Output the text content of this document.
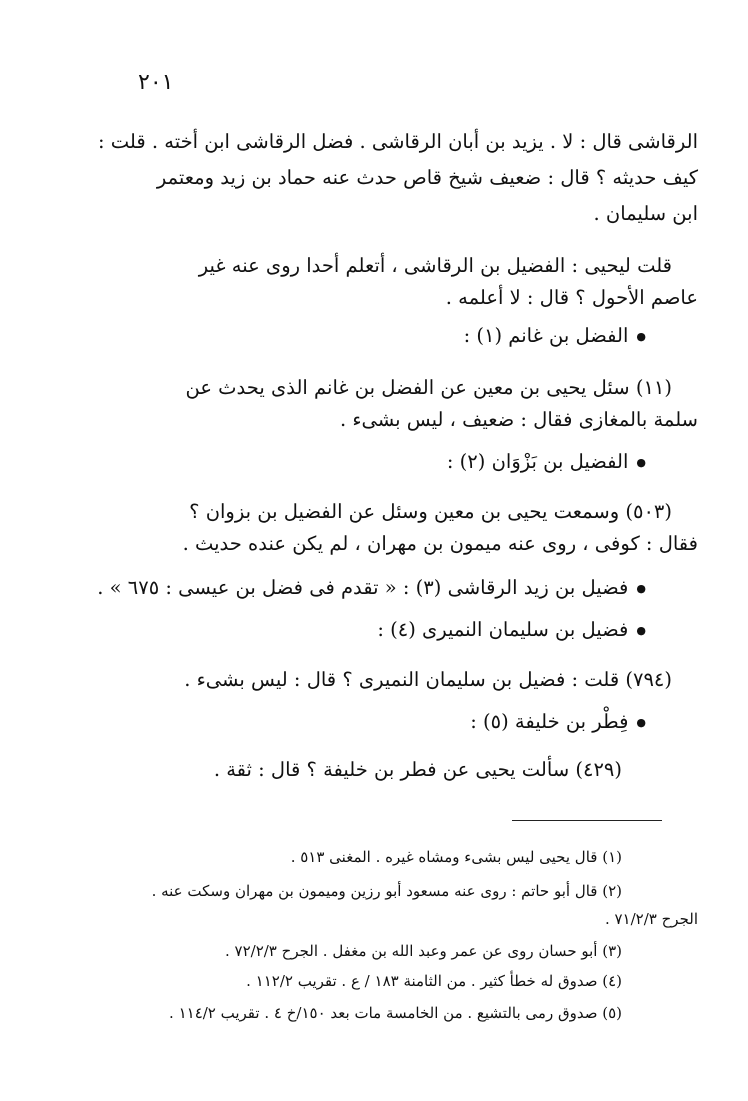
٢٠١
الرقاشى قال : لا . يزيد بن أبان الرقاشى . فضل الرقاشى ابن أخته . قلت :
كيف حديثه ؟ قال : ضعيف شيخ قاص حدث عنه حماد بن زيد ومعتمر
ابن سليمان .
قلت ليحيى : الفضيل بن الرقاشى ، أتعلم أحدا روى عنه غير
عاصم الأحول ؟ قال : لا أعلمه .
● الفضل بن غانم (١) :
(١١) سئل يحيى بن معين عن الفضل بن غانم الذى يحدث عن
سلمة بالمغازى فقال : ضعيف ، ليس بشىء .
● الفضيل بن بَزْوَان (٢) :
(٥٠٣) وسمعت يحيى بن معين وسئل عن الفضيل بن بزوان ؟
فقال : كوفى ، روى عنه ميمون بن مهران ، لم يكن عنده حديث .
● فضيل بن زيد الرقاشى (٣) : « تقدم فى فضل بن عيسى : ٦٧٥ » .
● فضيل بن سليمان النميرى (٤) :
(٧٩٤) قلت : فضيل بن سليمان النميرى ؟ قال : ليس بشىء .
● فِطْر بن خليفة (٥) :
(٤٢٩) سألت يحيى عن فطر بن خليفة ؟ قال : ثقة .
(١) قال يحيى ليس بشىء ومشاه غيره . المغنى ٥١٣ .
(٢) قال أبو حاتم : روى عنه مسعود أبو رزين وميمون بن مهران وسكت عنه .
الجرح ٧١/٢/٣ .
(٣) أبو حسان روى عن عمر وعبد الله بن مغفل . الجرح ٧٢/٢/٣ .
(٤) صدوق له خطأ كثير . من الثامنة ١٨٣ / ع . تقريب ١١٢/٢ .
(٥) صدوق رمى بالتشيع . من الخامسة مات بعد ١٥٠/خ ٤ . تقريب ١١٤/٢ .
